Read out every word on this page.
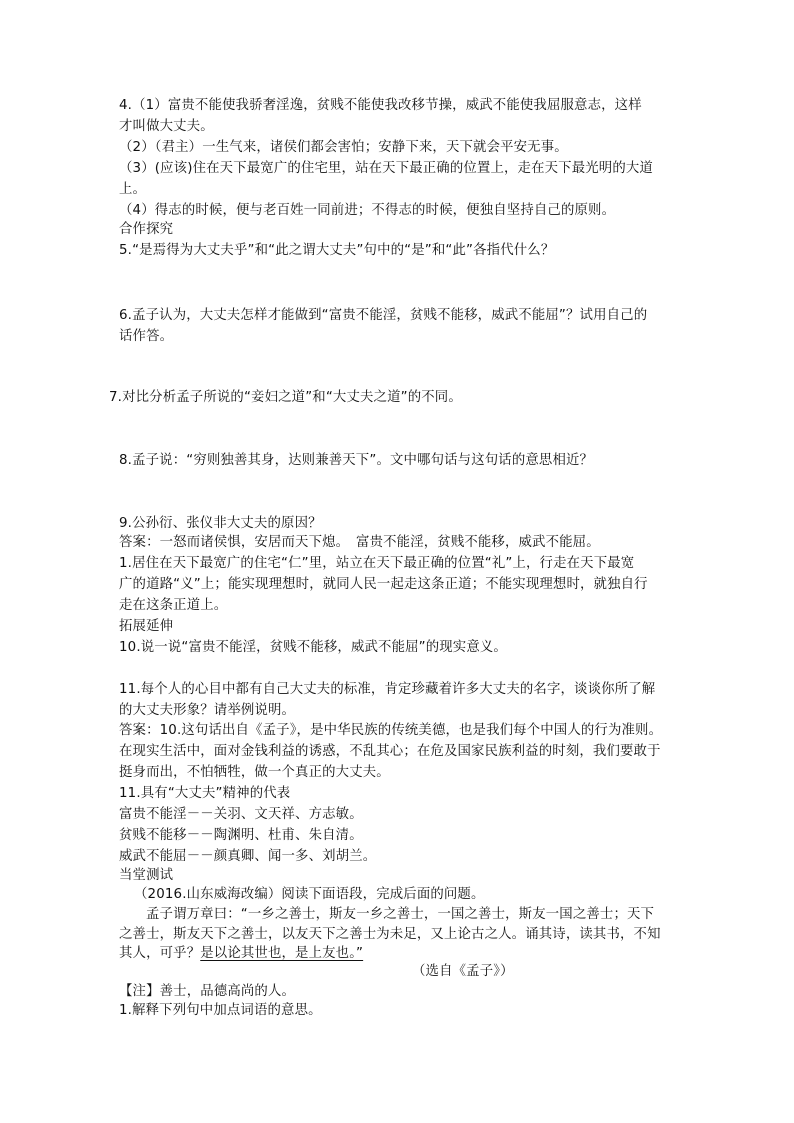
4.（1）富贵不能使我骄奢淫逸，贫贱不能使我改移节操，威武不能使我屈服意志，这样
才叫做大丈夫。
（2）（君主）一生气来，诸侯们都会害怕；安静下来，天下就会平安无事。
（3）(应该)住在天下最宽广的住宅里，站在天下最正确的位置上，走在天下最光明的大道
上。
（4）得志的时候，便与老百姓一同前进；不得志的时候，便独自坚持自己的原则。
合作探究
5.“是焉得为大丈夫乎”和“此之谓大丈夫”句中的“是”和“此”各指代什么？
6.孟子认为，大丈夫怎样才能做到“富贵不能淫，贫贱不能移，威武不能屈”？试用自己的
话作答。
7.对比分析孟子所说的“妾妇之道”和“大丈夫之道”的不同。
8.孟子说：“穷则独善其身，达则兼善天下”。文中哪句话与这句话的意思相近？
9.公孙衍、张仪非大丈夫的原因？
答案：一怒而诸侯惧，安居而天下熄。　富贵不能淫，贫贱不能移，威武不能屈。
1.居住在天下最宽广的住宅“仁”里，站立在天下最正确的位置“礼”上，行走在天下最宽
广的道路“义”上；能实现理想时，就同人民一起走这条正道；不能实现理想时，就独自行
走在这条正道上。
拓展延伸
10.说一说“富贵不能淫，贫贱不能移，威武不能屈”的现实意义。
11.每个人的心目中都有自己大丈夫的标准，肯定珍藏着许多大丈夫的名字，谈谈你所了解
的大丈夫形象？请举例说明。
答案：10.这句话出自《孟子》，是中华民族的传统美德，也是我们每个中国人的行为准则。
在现实生活中，面对金钱利益的诱惑，不乱其心；在危及国家民族利益的时刻，我们要敢于
挺身而出，不怕牺牲，做一个真正的大丈夫。
11.具有“大丈夫”精神的代表
富贵不能淫－－关羽、文天祥、方志敏。
贫贱不能移－－陶渊明、杜甫、朱自清。
威武不能屈－－颜真卿、闻一多、刘胡兰。
当堂测试
（2016.山东威海改编）阅读下面语段，完成后面的问题。
孟子谓万章曰：“一乡之善士，斯友一乡之善士，一国之善士，斯友一国之善士；天下
之善士，斯友天下之善士，以友天下之善士为未足，又上论古之人。诵其诗，读其书，不知
其人，可乎？是以论其世也，是上友也。”
（选自《孟子》）
【注】善士，品德高尚的人。
1.解释下列句中加点词语的意思。
